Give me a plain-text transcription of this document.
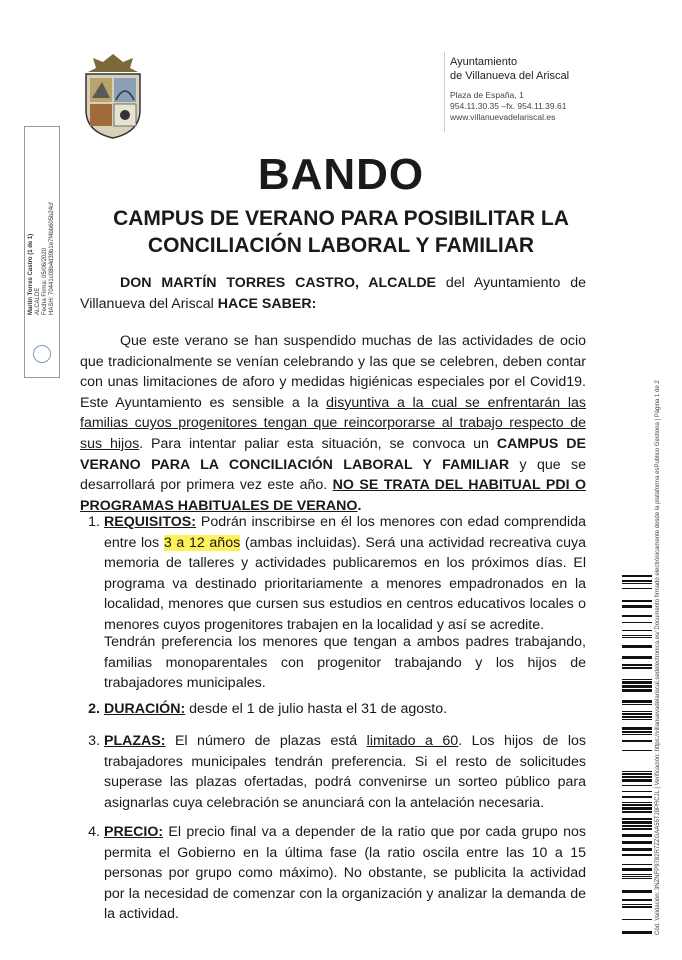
Ayuntamiento
de Villanueva del Ariscal
Plaza de España, 1
954.11.30.35 –fx. 954.11.39.61
www.villanuevadelariscal.es
Martín Torres Castro (1 de 1) ALCALDE Fecha Firma: 05/06/2020 HASH: 70441c08b4d39b1e7f4bb605b24cf
BANDO
CAMPUS DE VERANO PARA POSIBILITAR LA
CONCILIACIÓN LABORAL Y FAMILIAR
DON MARTÍN TORRES CASTRO, ALCALDE del Ayuntamiento de Villanueva del Ariscal HACE SABER:
Que este verano se han suspendido muchas de las actividades de ocio que tradicionalmente se venían celebrando y las que se celebren, deben contar con unas limitaciones de aforo y medidas higiénicas especiales por el Covid19. Este Ayuntamiento es sensible a la disyuntiva a la cual se enfrentarán las familias cuyos progenitores tengan que reincorporarse al trabajo respecto de sus hijos. Para intentar paliar esta situación, se convoca un CAMPUS DE VERANO PARA LA CONCILIACIÓN LABORAL Y FAMILIAR y que se desarrollará por primera vez este año. NO SE TRATA DEL HABITUAL PDI O PROGRAMAS HABITUALES DE VERANO.
1. REQUISITOS: Podrán inscribirse en él los menores con edad comprendida entre los 3 a 12 años (ambas incluidas). Será una actividad recreativa cuya memoria de talleres y actividades publicaremos en los próximos días. El programa va destinado prioritariamente a menores empadronados en la localidad, menores que cursen sus estudios en centros educativos locales o menores cuyos progenitores trabajen en la localidad y así se acredite.
Tendrán preferencia los menores que tengan a ambos padres trabajando, familias monoparentales con progenitor trabajando y los hijos de trabajadores municipales.
2. DURACIÓN: desde el 1 de julio hasta el 31 de agosto.
3. PLAZAS: El número de plazas está limitado a 60. Los hijos de los trabajadores municipales tendrán preferencia. Si el resto de solicitudes superase las plazas ofertadas, podrá convenirse un sorteo público para asignarlas cuya celebración se anunciará con la antelación necesaria.
4. PRECIO: El precio final va a depender de la ratio que por cada grupo nos permita el Gobierno en la última fase (la ratio oscila entre las 10 a 15 personas por grupo como máximo). No obstante, se publicita la actividad por la necesidad de comenzar con la organización y analizar la demanda de la actividad.	Cód. Validación: 3NZNFP9782R7ZZGAA55TJ9PRCJL | Verificación: https://villanuevadelariscal.sedelectronica.es/ Documento firmado electrónicamente desde la plataforma esPublico Gestiona | Página 1 de 2
